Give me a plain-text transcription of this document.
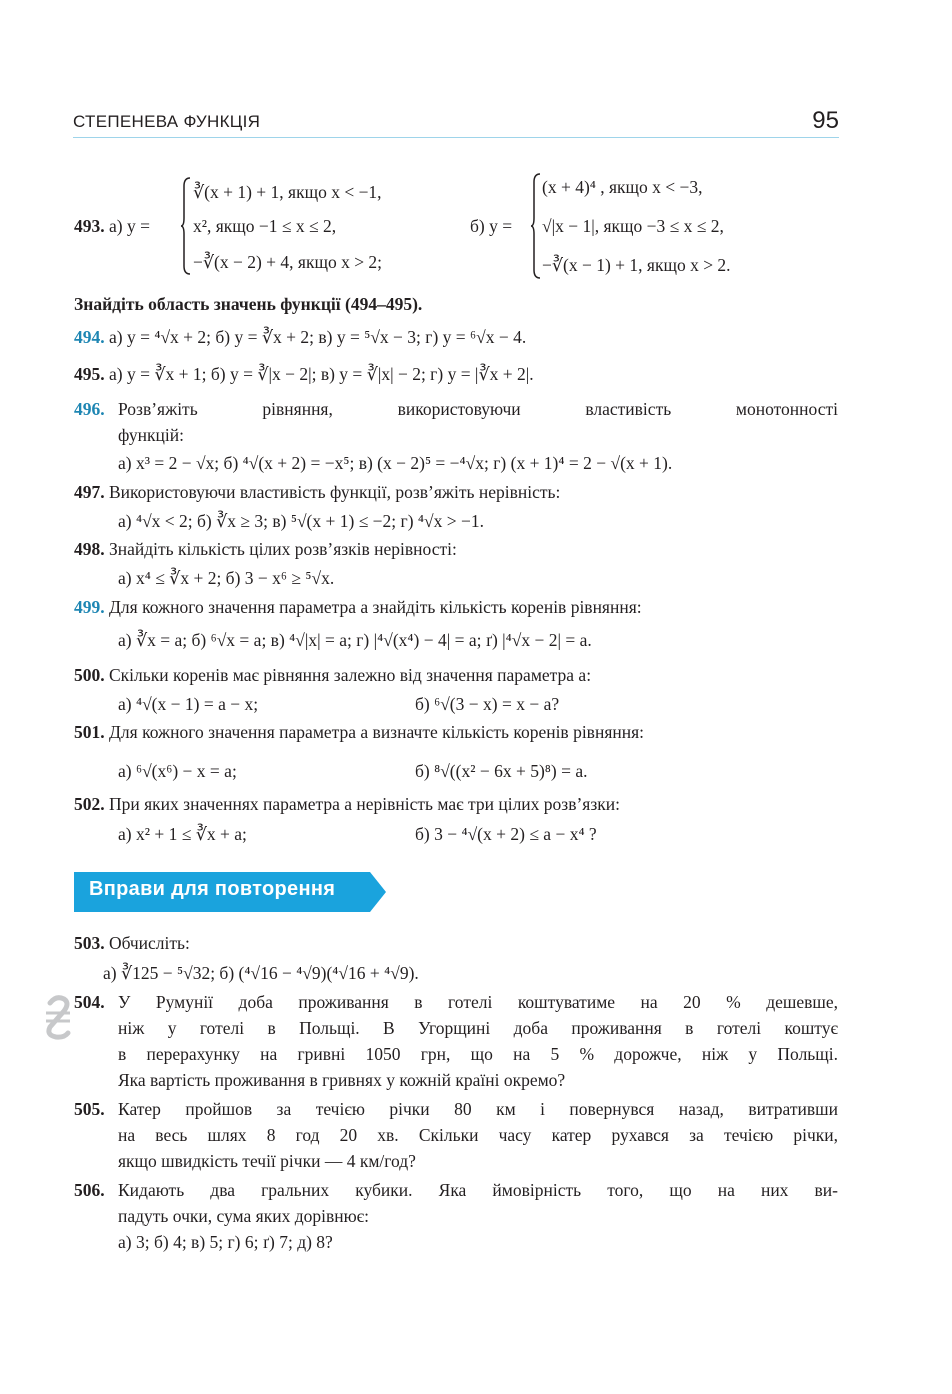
СТЕПЕНЕВА ФУНКЦІЯ	95
493. а) y =
∛(x + 1) + 1, якщо x < −1,
x², якщо −1 ≤ x ≤ 2,
−∛(x − 2) + 4, якщо x > 2;
б) y =
(x + 4)⁴ , якщо x < −3,
√|x − 1|, якщо −3 ≤ x ≤ 2,
−∛(x − 1) + 1, якщо x > 2.
Знайдіть область значень функції (494–495).
494. а) y = ⁴√x + 2; б) y = ∛x + 2; в) y = ⁵√x − 3; г) y = ⁶√x − 4.
495. а) y = ∛x + 1; б) y = ∛|x − 2|; в) y = ∛|x| − 2; г) y = |∛x + 2|.
496. Розв’яжіть рівняння, використовуючи властивість монотонності
функцій:
а) x³ = 2 − √x; б) ⁴√(x + 2) = −x⁵; в) (x − 2)⁵ = −⁴√x; г) (x + 1)⁴ = 2 − √(x + 1).
497. Використовуючи властивість функції, розв’яжіть нерівність:
а) ⁴√x < 2; б) ∛x ≥ 3; в) ⁵√(x + 1) ≤ −2; г) ⁴√x > −1.
498. Знайдіть кількість цілих розв’язків нерівності:
а) x⁴ ≤ ∛x + 2; б) 3 − x⁶ ≥ ⁵√x.
499. Для кожного значення параметра a знайдіть кількість коренів рівняння:
а) ∛x = a; б) ⁶√x = a; в) ⁴√|x| = a; г) |⁴√(x⁴) − 4| = a; ґ) |⁴√x − 2| = a.
500. Скільки коренів має рівняння залежно від значення параметра a:
а) ⁴√(x − 1) = a − x;	б) ⁶√(3 − x) = x − a?
501. Для кожного значення параметра a визначте кількість коренів рівняння:
а) ⁶√(x⁶) − x = a;	б) ⁸√((x² − 6x + 5)⁸) = a.
502. При яких значеннях параметра a нерівність має три цілих розв’язки:
а) x² + 1 ≤ ∛x + a;	б) 3 − ⁴√(x + 2) ≤ a − x⁴ ?
Вправи для повторення
503. Обчисліть:
а) ∛125 − ⁵√32; б) (⁴√16 − ⁴√9)(⁴√16 + ⁴√9).
504. У Румунії доба проживання в готелі коштуватиме на 20 % дешевше,
ніж у готелі в Польщі. В Угорщині доба проживання в готелі коштує
в перерахунку на гривні 1050 грн, що на 5 % дорожче, ніж у Польщі.
Яка вартість проживання в гривнях у кожній країні окремо?
505. Катер пройшов за течією річки 80 км і повернувся назад, витративши
на весь шлях 8 год 20 хв. Скільки часу катер рухався за течією річки,
якщо швидкість течії річки — 4 км/год?
506. Кидають два гральних кубики. Яка ймовірність того, що на них ви-
падуть очки, сума яких дорівнює:
а) 3; б) 4; в) 5; г) 6; ґ) 7; д) 8?
